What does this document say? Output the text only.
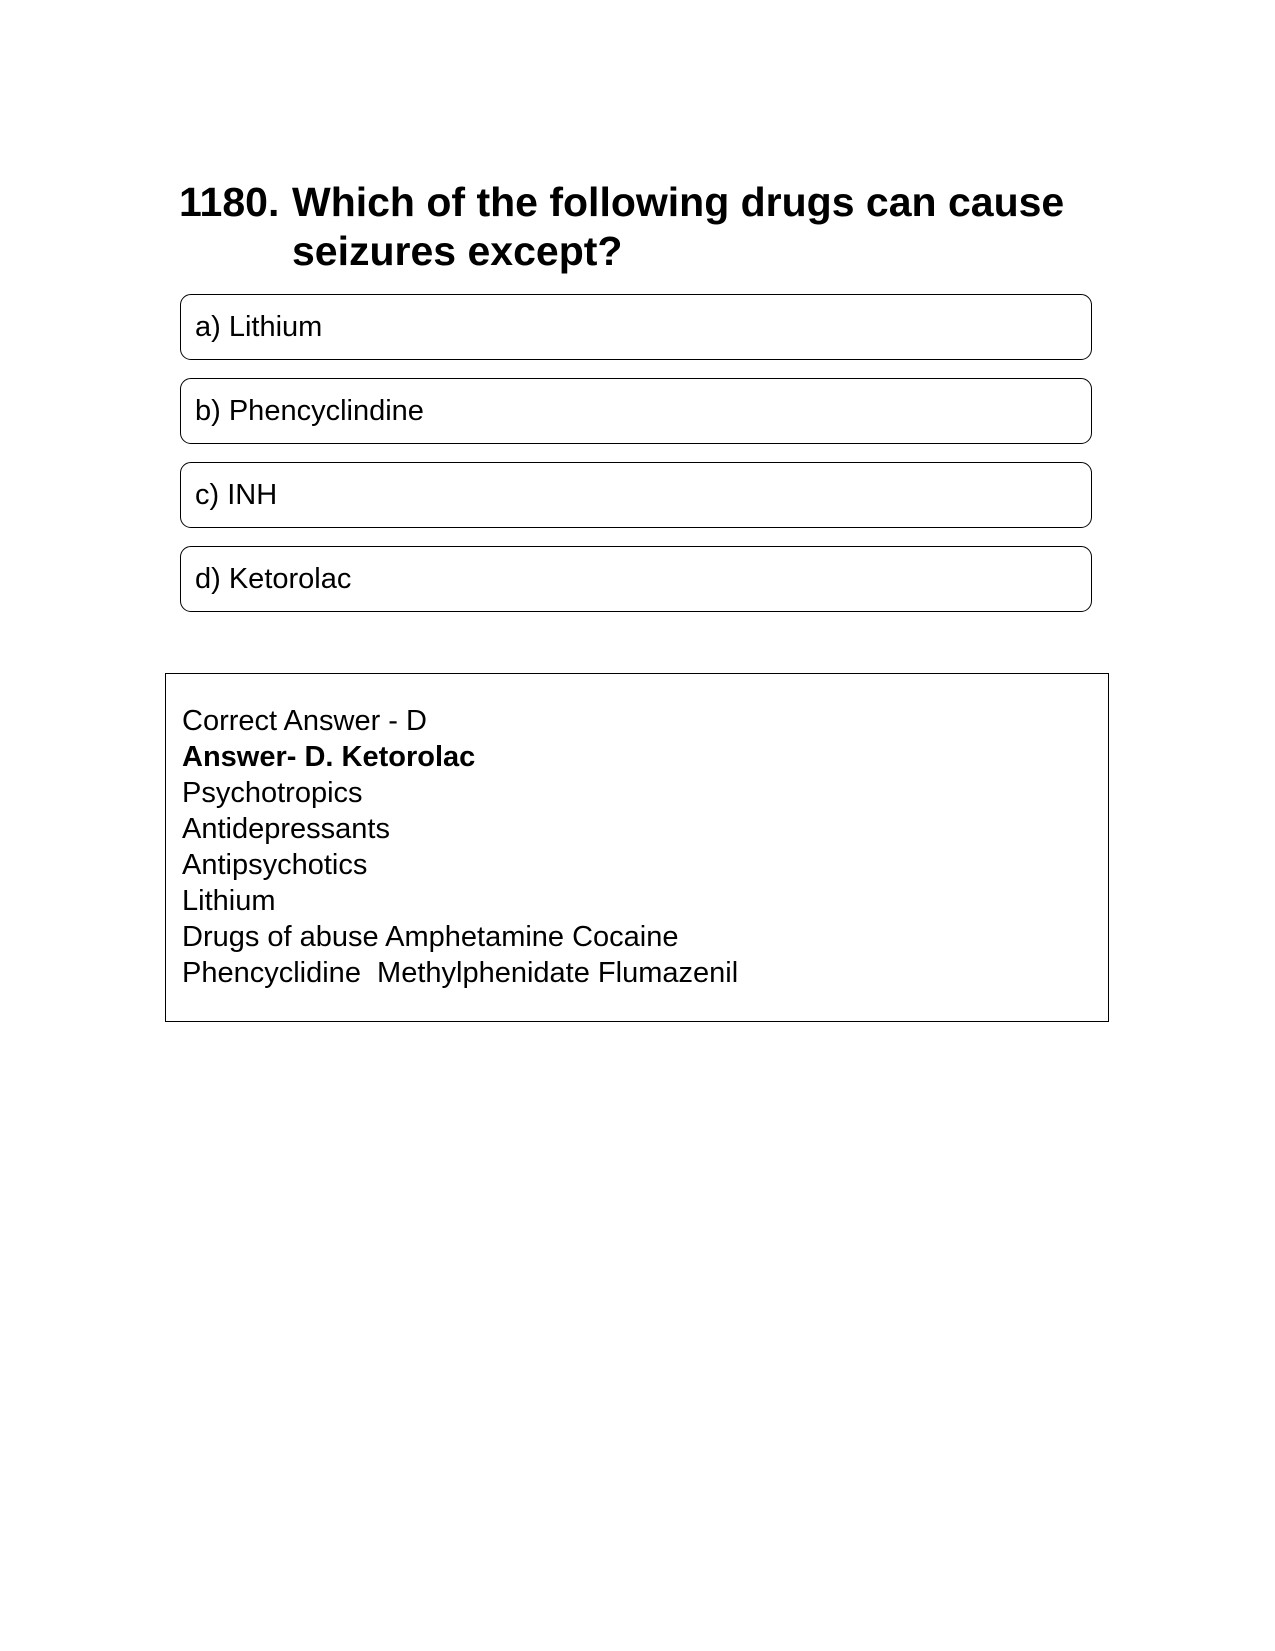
1180. Which of the following drugs can cause seizures except?
a) Lithium
b) Phencyclindine
c) INH
d) Ketorolac
Correct Answer - D
Answer- D. Ketorolac
Psychotropics
Antidepressants
Antipsychotics
Lithium
Drugs of abuse Amphetamine Cocaine
Phencyclidine  Methylphenidate Flumazenil
